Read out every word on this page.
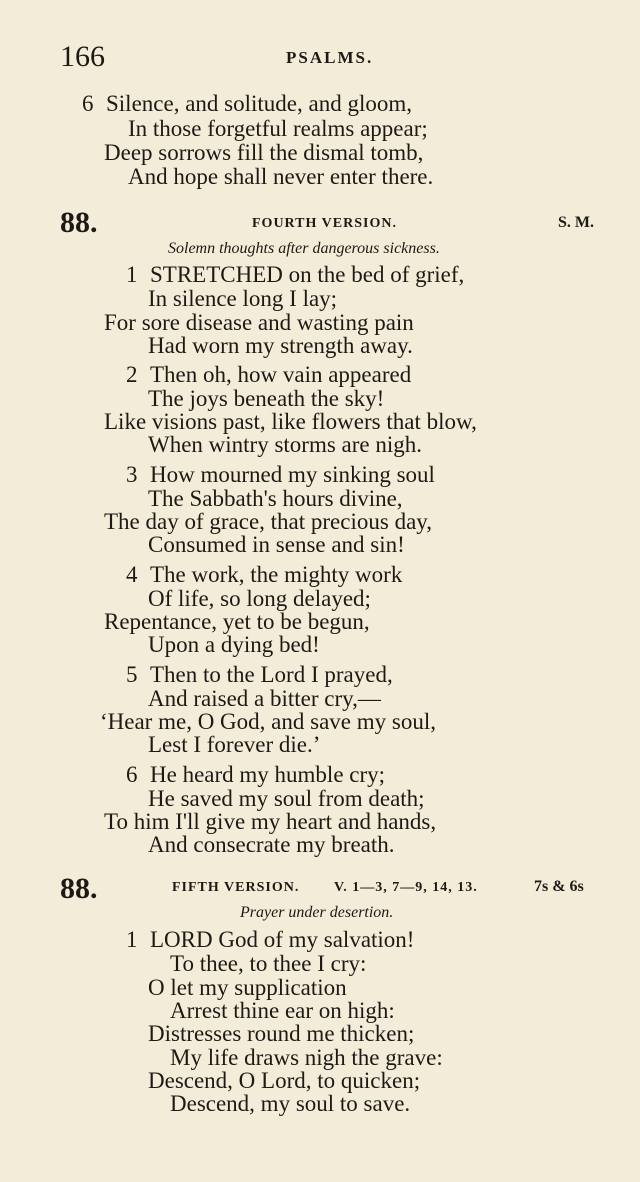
166	PSALMS.
6 Silence, and solitude, and gloom,
In those forgetful realms appear;
Deep sorrows fill the dismal tomb,
And hope shall never enter there.
88.	FOURTH VERSION.	S. M.
Solemn thoughts after dangerous sickness.
1 STRETCHED on the bed of grief,
In silence long I lay;
For sore disease and wasting pain
Had worn my strength away.
2 Then oh, how vain appeared
The joys beneath the sky!
Like visions past, like flowers that blow,
When wintry storms are nigh.
3 How mourned my sinking soul
The Sabbath's hours divine,
The day of grace, that precious day,
Consumed in sense and sin!
4 The work, the mighty work
Of life, so long delayed;
Repentance, yet to be begun,
Upon a dying bed!
5 Then to the Lord I prayed,
And raised a bitter cry,—
‘Hear me, O God, and save my soul,
Lest I forever die.’
6 He heard my humble cry;
He saved my soul from death;
To him I'll give my heart and hands,
And consecrate my breath.
88.	FIFTH VERSION. V. 1—3, 7—9, 14, 13.	7s & 6s
Prayer under desertion.
1 LORD God of my salvation!
To thee, to thee I cry:
O let my supplication
Arrest thine ear on high:
Distresses round me thicken;
My life draws nigh the grave:
Descend, O Lord, to quicken;
Descend, my soul to save.
